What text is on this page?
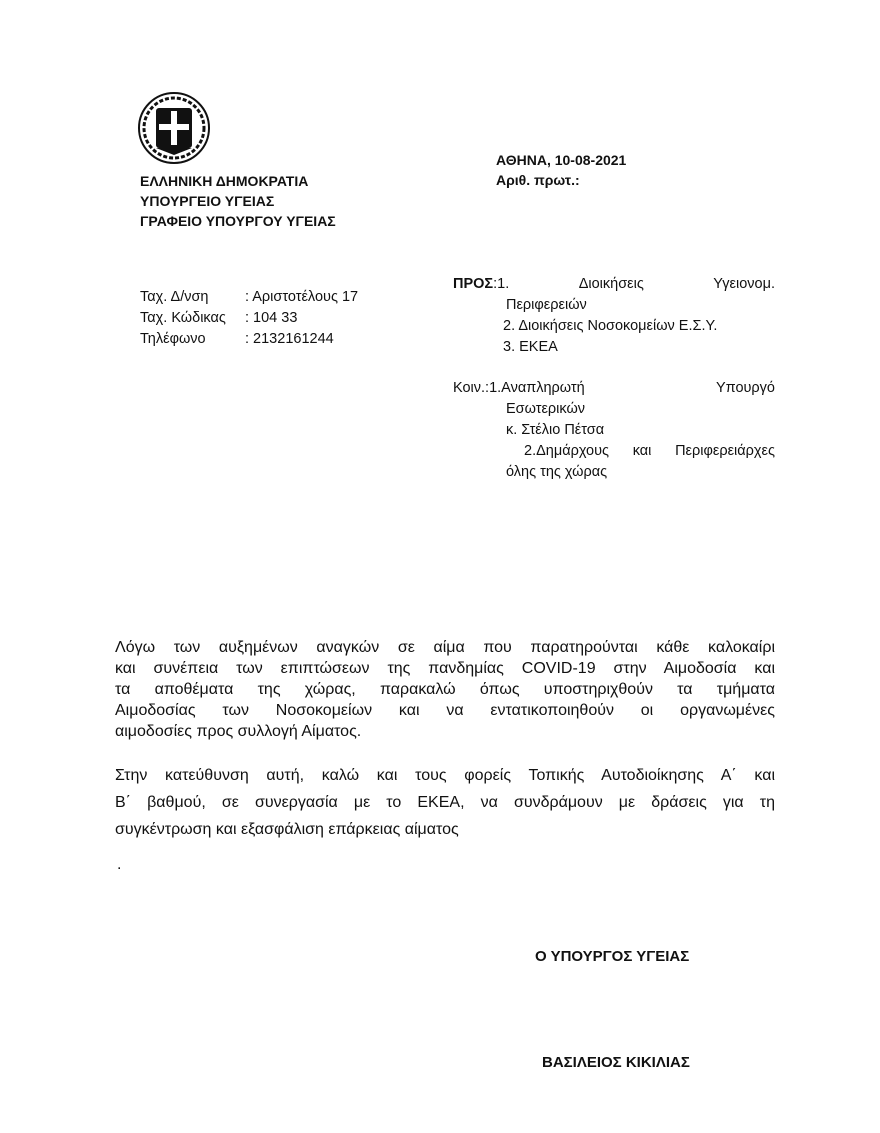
ΕΛΛΗΝΙΚΗ ΔΗΜΟΚΡΑΤΙΑ
ΥΠΟΥΡΓΕΙΟ ΥΓΕΙΑΣ
ΓΡΑΦΕΙΟ ΥΠΟΥΡΓΟΥ ΥΓΕΙΑΣ
ΑΘΗΝΑ, 10-08-2021
Αριθ. πρωτ.:
Ταχ. Δ/νση	: Αριστοτέλους 17
Ταχ. Κώδικας : 104 33
Τηλέφωνο	: 2132161244
ΠΡΟΣ:1.	Διοικήσεις	Υγειονομ.
Περιφερειών
2. Διοικήσεις Νοσοκομείων Ε.Σ.Υ.
3. ΕΚΕΑ
Κοιν.:1.Αναπληρωτή	Υπουργό
Εσωτερικών
κ. Στέλιο Πέτσα
2.Δημάρχους και Περιφερειάρχες
όλης της χώρας
Λόγω των αυξημένων αναγκών σε αίμα που παρατηρούνται κάθε καλοκαίρι
και συνέπεια των επιπτώσεων της πανδημίας COVID-19 στην Αιμοδοσία και
τα αποθέματα της χώρας, παρακαλώ όπως υποστηριχθούν τα τμήματα
Αιμοδοσίας των Νοσοκομείων και να εντατικοποιηθούν οι οργανωμένες
αιμοδοσίες προς συλλογή Αίματος.
Στην κατεύθυνση αυτή, καλώ και τους φορείς Τοπικής Αυτοδιοίκησης Α΄ και
Β΄ βαθμού, σε συνεργασία με το ΕΚΕΑ, να συνδράμουν με δράσεις για τη
συγκέντρωση και εξασφάλιση επάρκειας αίματος
.
Ο ΥΠΟΥΡΓΟΣ ΥΓΕΙΑΣ
ΒΑΣΙΛΕΙΟΣ ΚΙΚΙΛΙΑΣ
